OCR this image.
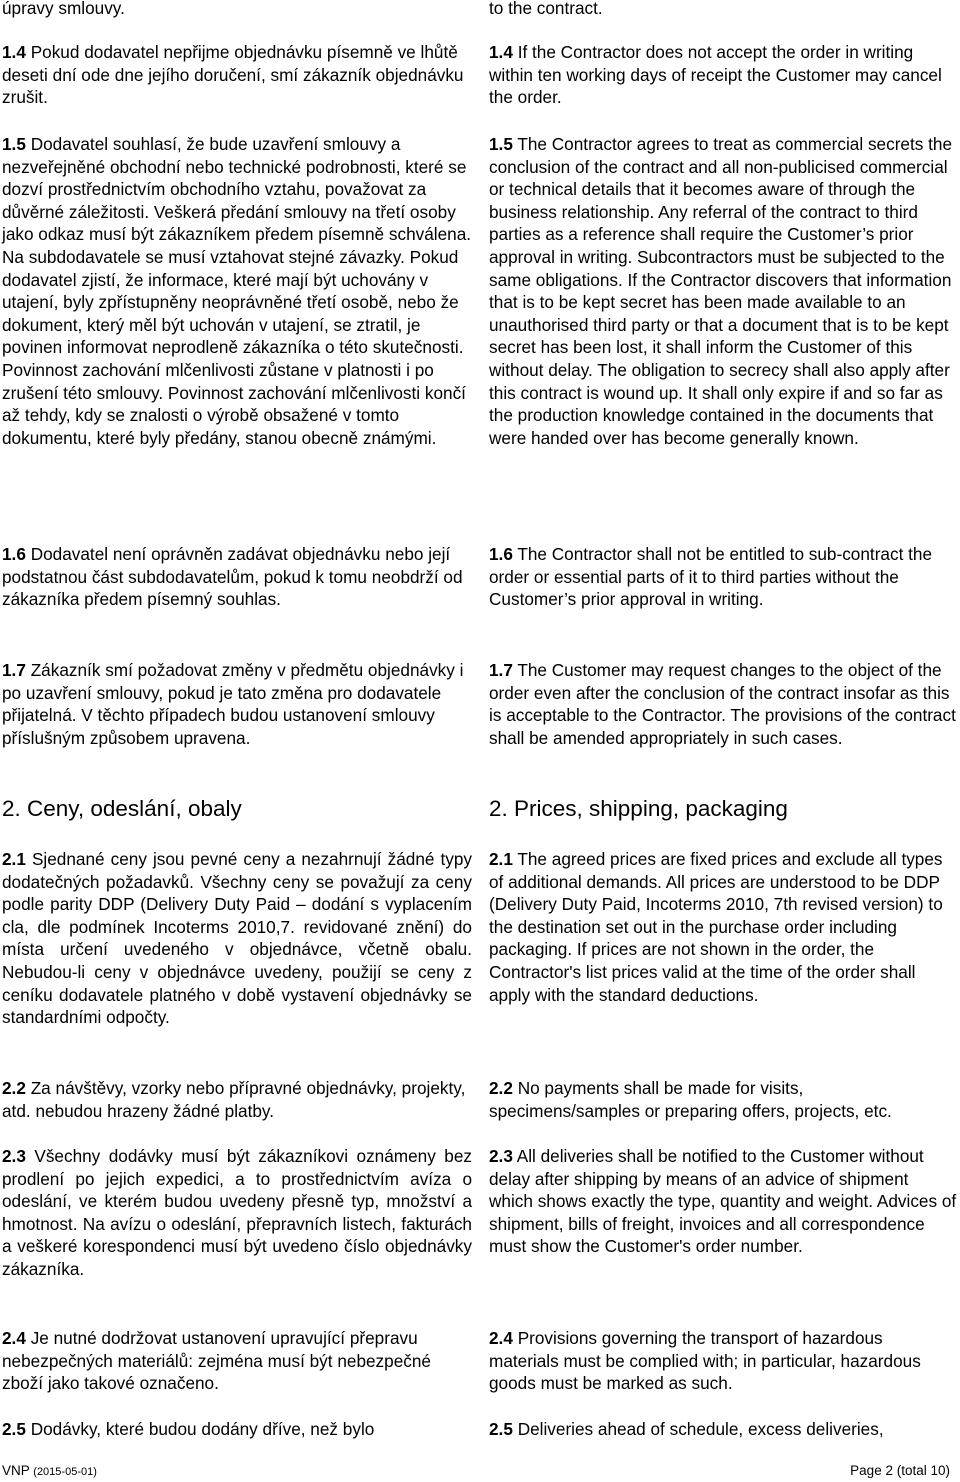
úpravy smlouvy.

1.4 Pokud dodavatel nepřijme objednávku písemně ve lhůtě deseti dní ode dne jejího doručení, smí zákazník objednávku zrušit.

1.5 Dodavatel souhlasí, že bude uzavření smlouvy a nezveřejněné obchodní nebo technické podrobnosti, které se dozví prostřednictvím obchodního vztahu, považovat za důvěrné záležitosti. Veškerá předání smlouvy na třetí osoby jako odkaz musí být zákazníkem předem písemně schválena. Na subdodavatele se musí vztahovat stejné závazky. Pokud dodavatel zjistí, že informace, které mají být uchovány v utajení, byly zpřístupněny neoprávněné třetí osobě, nebo že dokument, který měl být uchován v utajení, se ztratil, je povinen informovat neprodleně zákazníka o této skutečnosti. Povinnost zachování mlčenlivosti zůstane v platnosti i po zrušení této smlouvy. Povinnost zachování mlčenlivosti končí až tehdy, kdy se znalosti o výrobě obsažené v tomto dokumentu, které byly předány, stanou obecně známými.

1.6 Dodavatel není oprávněn zadávat objednávku nebo její podstatnou část subdodavatelům, pokud k tomu neobdrží od zákazníka předem písemný souhlas.

1.7 Zákazník smí požadovat změny v předmětu objednávky i po uzavření smlouvy, pokud je tato změna pro dodavatele přijatelná. V těchto případech budou ustanovení smlouvy příslušným způsobem upravena.

2. Ceny, odeslání, obaly

2.1 Sjednané ceny jsou pevné ceny a nezahrnují žádné typy dodatečných požadavků. Všechny ceny se považují za ceny podle parity DDP (Delivery Duty Paid – dodání s vyplacením cla, dle podmínek Incoterms 2010,7. revidované znění) do místa určení uvedeného v objednávce, včetně obalu. Nebudou-li ceny v objednávce uvedeny, použijí se ceny z ceníku dodavatele platného v době vystavení objednávky se standardními odpočty.

2.2 Za návštěvy, vzorky nebo přípravné objednávky, projekty, atd. nebudou hrazeny žádné platby.

2.3 Všechny dodávky musí být zákazníkovi oznámeny bez prodlení po jejich expedici, a to prostřednictvím avíza o odeslání, ve kterém budou uvedeny přesně typ, množství a hmotnost. Na avízu o odeslání, přepravních listech, fakturách a veškeré korespondenci musí být uvedeno číslo objednávky zákazníka.

2.4 Je nutné dodržovat ustanovení upravující přepravu nebezpečných materiálů: zejména musí být nebezpečné zboží jako takové označeno.

2.5 Dodávky, které budou dodány dříve, než bylo

to the contract.

1.4 If the Contractor does not accept the order in writing within ten working days of receipt the Customer may cancel the order.

1.5 The Contractor agrees to treat as commercial secrets the conclusion of the contract and all non-publicised commercial or technical details that it becomes aware of through the business relationship. Any referral of the contract to third parties as a reference shall require the Customer’s prior approval in writing. Subcontractors must be subjected to the same obligations. If the Contractor discovers that information that is to be kept secret has been made available to an unauthorised third party or that a document that is to be kept secret has been lost, it shall inform the Customer of this without delay. The obligation to secrecy shall also apply after this contract is wound up. It shall only expire if and so far as the production knowledge contained in the documents that were handed over has become generally known.

1.6 The Contractor shall not be entitled to sub-contract the order or essential parts of it to third parties without the Customer’s prior approval in writing.

1.7 The Customer may request changes to the object of the order even after the conclusion of the contract insofar as this is acceptable to the Contractor. The provisions of the contract shall be amended appropriately in such cases.

2. Prices, shipping, packaging

2.1 The agreed prices are fixed prices and exclude all types of additional demands. All prices are understood to be DDP (Delivery Duty Paid, Incoterms 2010, 7th revised version) to the destination set out in the purchase order including packaging. If prices are not shown in the order, the Contractor's list prices valid at the time of the order shall apply with the standard deductions.

2.2 No payments shall be made for visits, specimens/samples or preparing offers, projects, etc.

2.3 All deliveries shall be notified to the Customer without delay after shipping by means of an advice of shipment which shows exactly the type, quantity and weight. Advices of shipment, bills of freight, invoices and all correspondence must show the Customer's order number.

2.4 Provisions governing the transport of hazardous materials must be complied with; in particular, hazardous goods must be marked as such.

2.5 Deliveries ahead of schedule, excess deliveries,

VNP (2015-05-01)	Page 2 (total 10)
